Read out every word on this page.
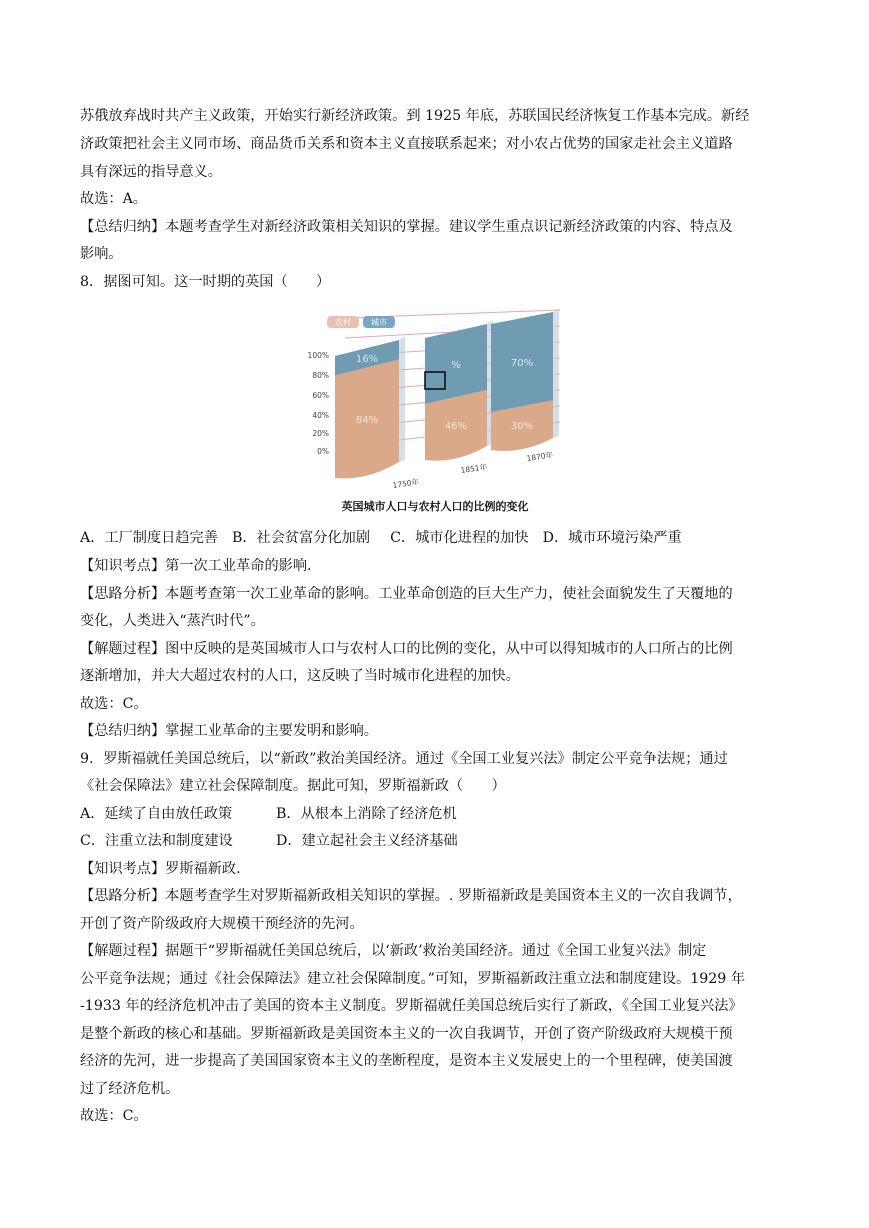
苏俄放弃战时共产主义政策，开始实行新经济政策。到 1925 年底，苏联国民经济恢复工作基本完成。新经
济政策把社会主义同市场、商品货币关系和资本主义直接联系起来；对小农占优势的国家走社会主义道路
具有深远的指导意义。
故选：A。
【总结归纳】本题考查学生对新经济政策相关知识的掌握。建议学生重点识记新经济政策的内容、特点及
影响。
8．据图可知。这一时期的英国（　　）
农村	城市
100%
80%
60%
40%
20%
0%
16%
84%
%
46%
70%
30%
1750年
1851年
1870年
英国城市人口与农村人口的比例的变化
A．工厂制度日趋完善 B．社会贫富分化加剧 C．城市化进程的加快 D．城市环境污染严重
【知识考点】第一次工业革命的影响.
【思路分析】本题考查第一次工业革命的影响。工业革命创造的巨大生产力，使社会面貌发生了天覆地的
变化，人类进入“蒸汽时代”。
【解题过程】图中反映的是英国城市人口与农村人口的比例的变化，从中可以得知城市的人口所占的比例
逐渐增加，并大大超过农村的人口，这反映了当时城市化进程的加快。
故选：C。
【总结归纳】掌握工业革命的主要发明和影响。
9．罗斯福就任美国总统后，以“新政”救治美国经济。通过《全国工业复兴法》制定公平竞争法规；通过
《社会保障法》建立社会保障制度。据此可知，罗斯福新政（　　）
A．延续了自由放任政策	B．从根本上消除了经济危机
C．注重立法和制度建设	D．建立起社会主义经济基础
【知识考点】罗斯福新政.
【思路分析】本题考查学生对罗斯福新政相关知识的掌握。. 罗斯福新政是美国资本主义的一次自我调节，
开创了资产阶级政府大规模干预经济的先河。
【解题过程】据题干“罗斯福就任美国总统后，以‘新政’救治美国经济。通过《全国工业复兴法》制定
公平竞争法规；通过《社会保障法》建立社会保障制度。”可知，罗斯福新政注重立法和制度建设。1929 年
-1933 年的经济危机冲击了美国的资本主义制度。罗斯福就任美国总统后实行了新政，《全国工业复兴法》
是整个新政的核心和基础。罗斯福新政是美国资本主义的一次自我调节，开创了资产阶级政府大规模干预
经济的先河，进一步提高了美国国家资本主义的垄断程度，是资本主义发展史上的一个里程碑，使美国渡
过了经济危机。
故选：C。
